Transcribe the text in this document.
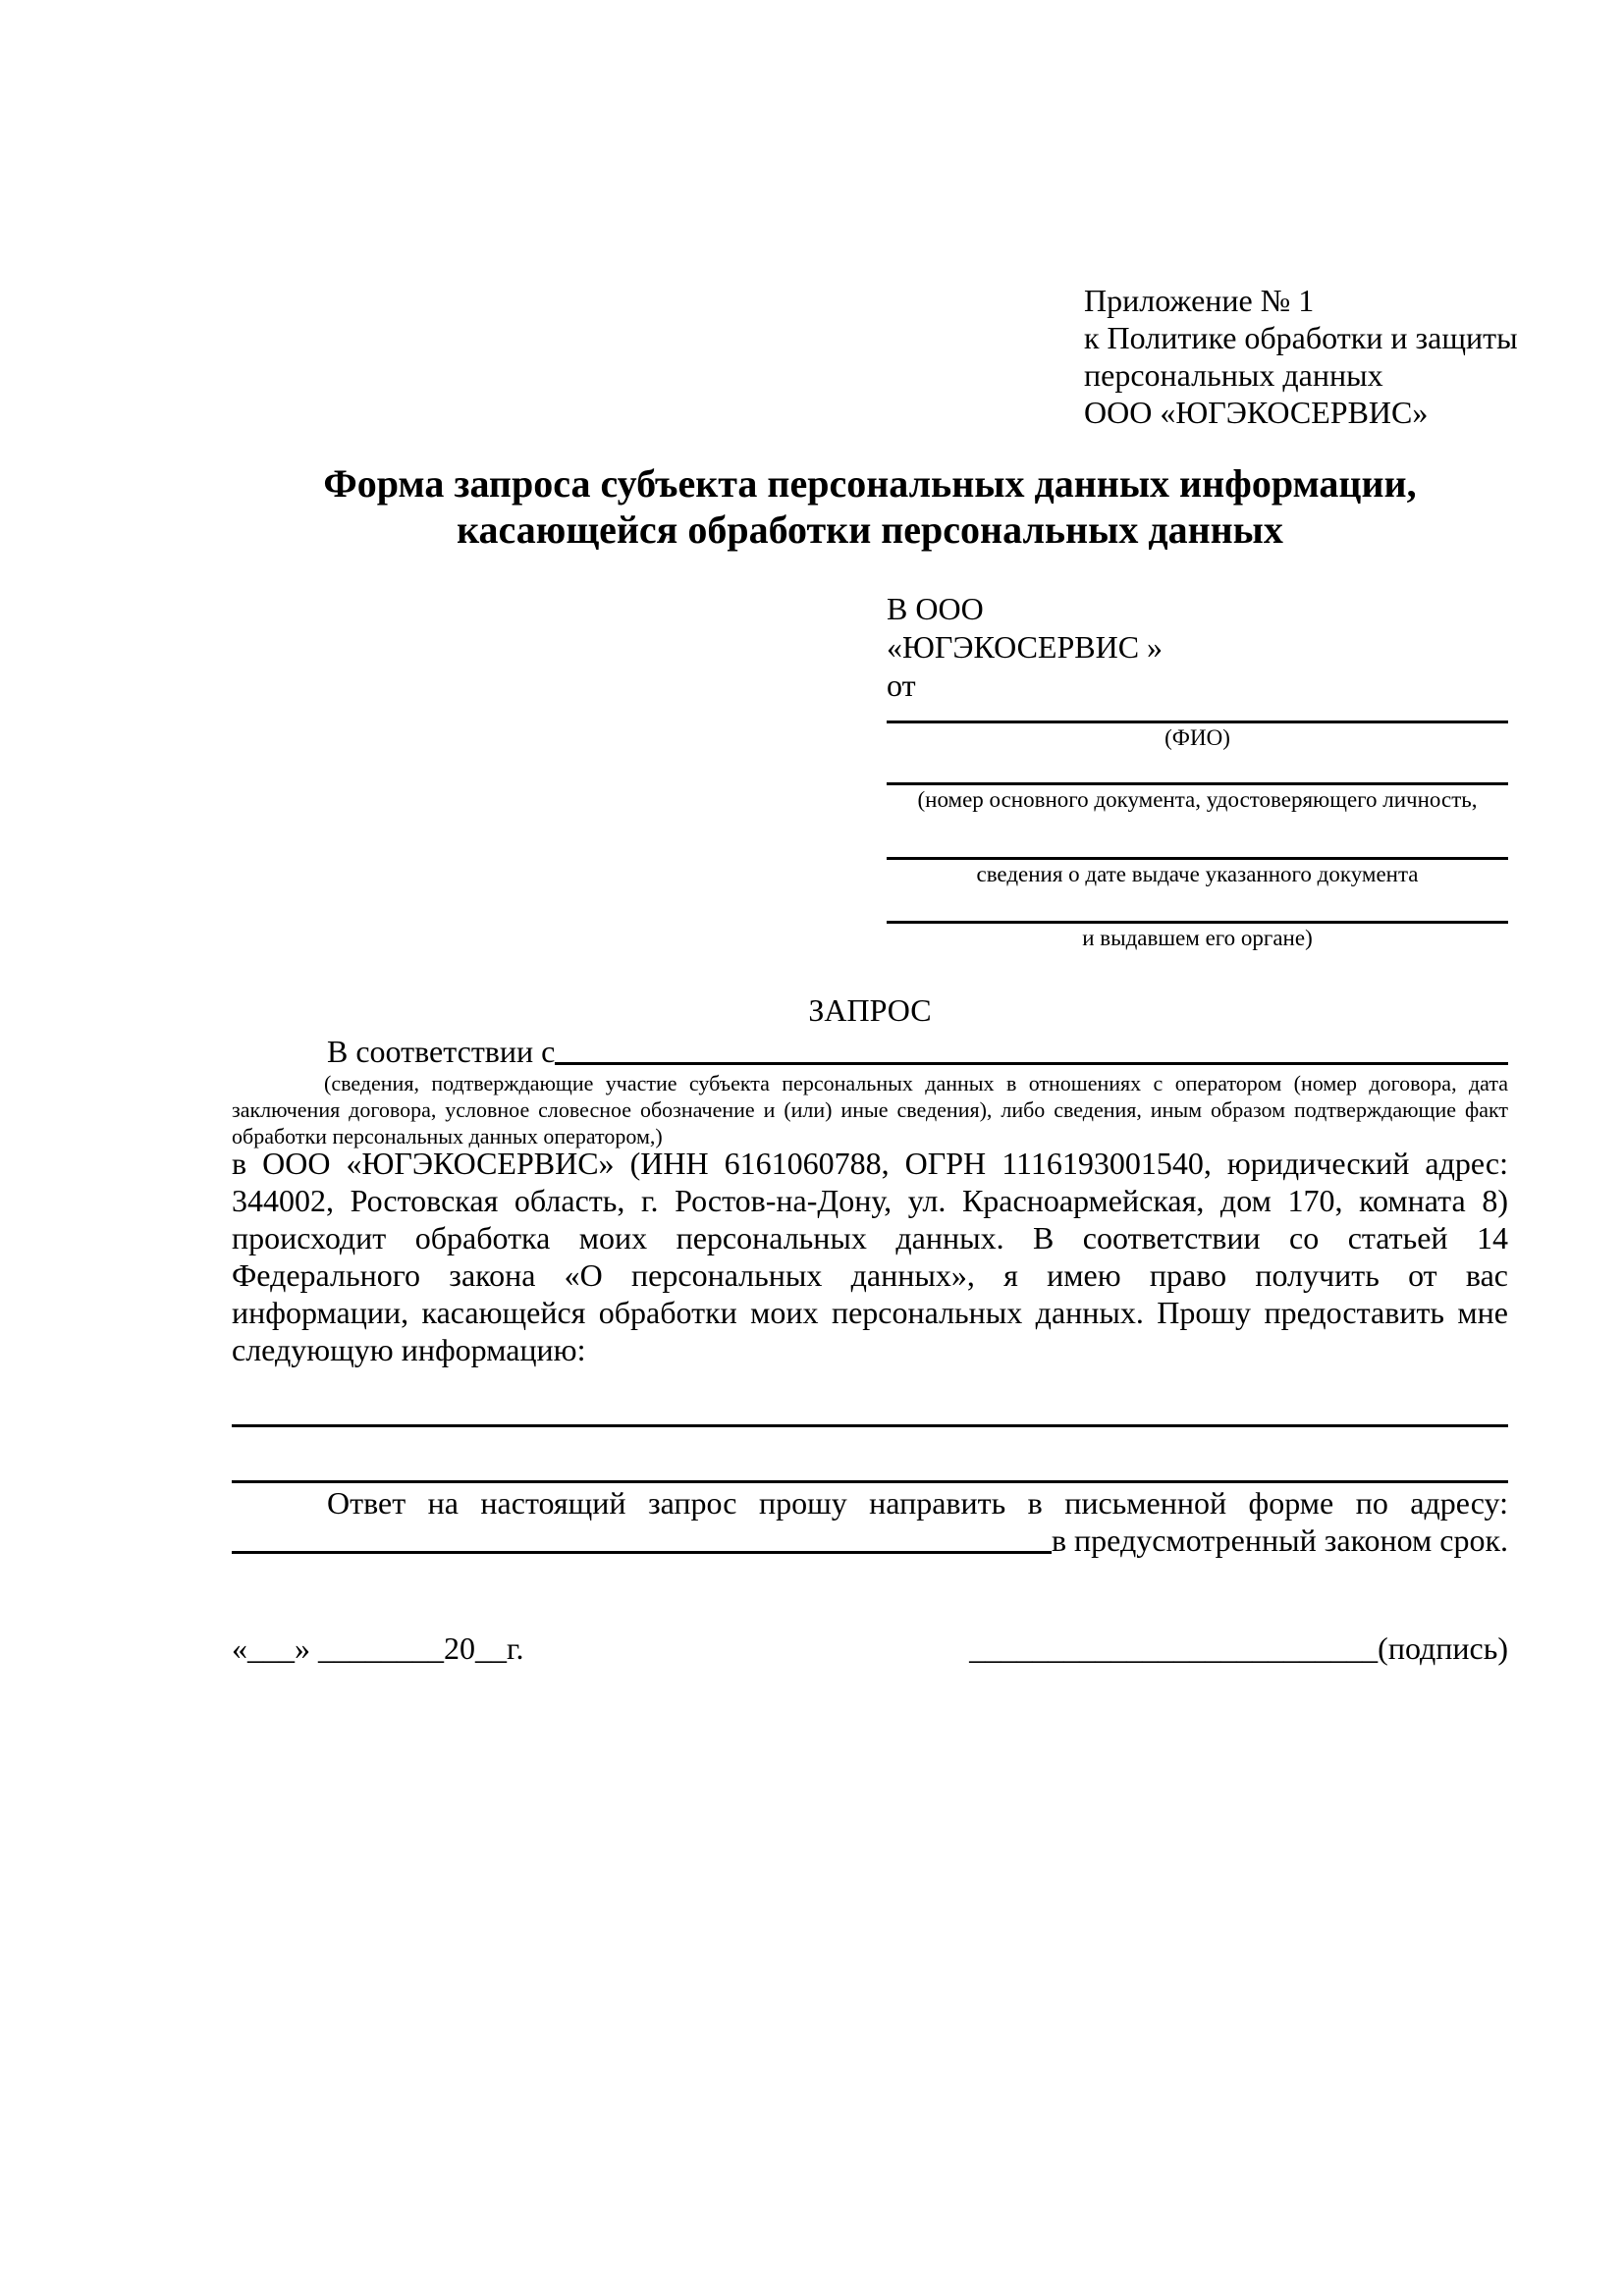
Приложение № 1
к Политике обработки и защиты
персональных данных
ООО «ЮГЭКОСЕРВИС»
Форма запроса субъекта персональных данных информации,
касающейся обработки персональных данных
В ООО
«ЮГЭКОСЕРВИС »
от
(ФИО)
(номер основного документа, удостоверяющего личность,
сведения о дате выдаче указанного документа
и выдавшем его органе)
ЗАПРОС
В соответствии с
(сведения, подтверждающие участие субъекта персональных данных в отношениях с оператором (номер договора, дата
заключения договора, условное словесное обозначение и (или) иные сведения), либо сведения, иным образом подтверждающие факт
обработки персональных данных оператором,)
в ООО «ЮГЭКОСЕРВИС» (ИНН 6161060788, ОГРН 1116193001540, юридический адрес:
344002, Ростовская область, г. Ростов-на-Дону, ул. Красноармейская, дом 170, комната 8)
происходит обработка моих персональных данных. В соответствии со статьей 14
Федерального закона «О персональных данных», я имею право получить от вас
информации, касающейся обработки моих персональных данных. Прошу предоставить мне
следующую информацию:
Ответ на настоящий запрос прошу направить в письменной форме по адресу:
в предусмотренный законом срок.
«___» ________20__г.	__________________________(подпись)
